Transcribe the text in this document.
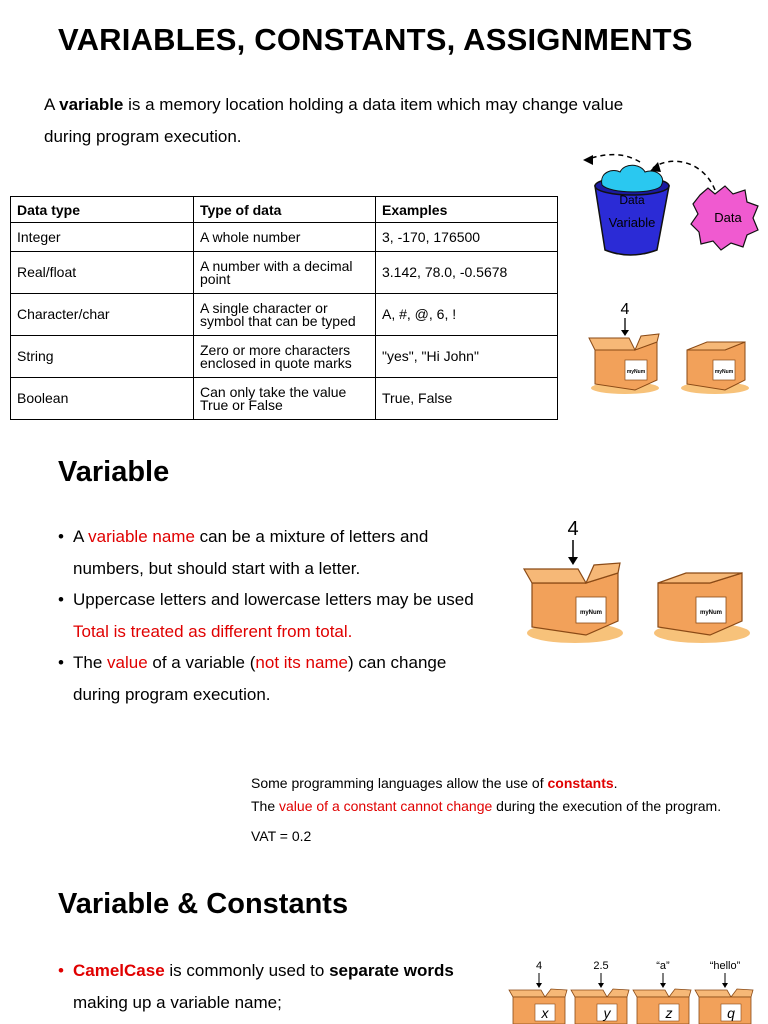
VARIABLES, CONSTANTS, ASSIGNMENTS
A variable is a memory location holding a data item which may change value
during program execution.
Data type	Type of data	Examples
Integer	A whole number	3, -170, 176500
Real/float	A number with a decimal point	3.142, 78.0, -0.5678
Character/char	A single character or symbol that can be typed	A, #, @, 6, !
String	Zero or more characters enclosed in quote marks	"yes", "Hi John"
Boolean	Can only take the value True or False	True, False
Data
Variable	Data
4
myNum	myNum
Variable
• A variable name can be a mixture of letters and
numbers, but should start with a letter.
• Uppercase letters and lowercase letters may be used
Total is treated as different from total.
• The value of a variable (not its name) can change
during program execution.
4
myNum	myNum
Some programming languages allow the use of constants.
The value of a constant cannot change during the execution of the program.
VAT = 0.2
Variable & Constants
• CamelCase is commonly used to separate words
making up a variable name;
4
x
2.5
y
“a”
z
“hello”
q
